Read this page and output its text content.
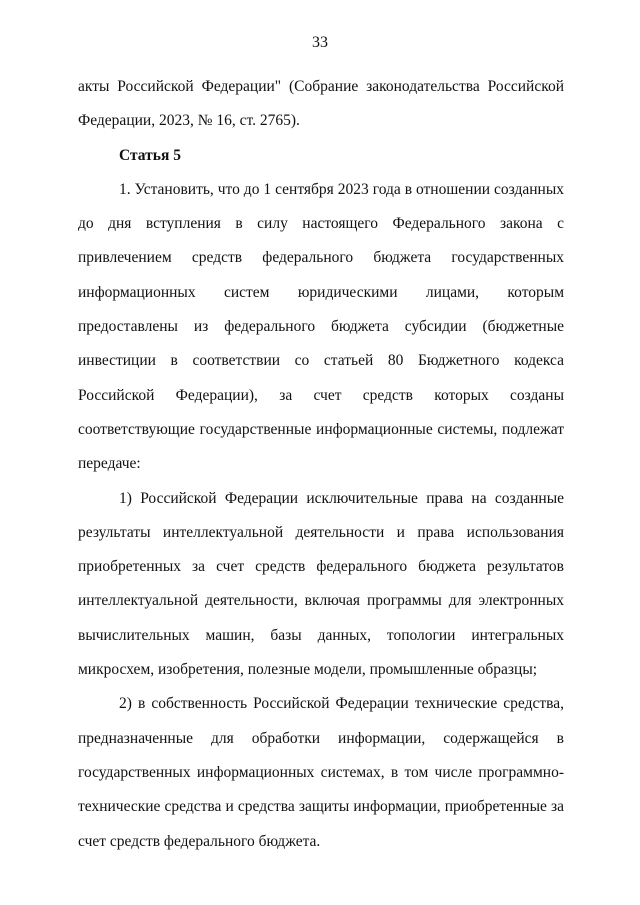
33

акты Российской Федерации" (Собрание законодательства Российской Федерации, 2023, № 16, ст. 2765).

Статья 5

1. Установить, что до 1 сентября 2023 года в отношении созданных до дня вступления в силу настоящего Федерального закона с привлечением средств федерального бюджета государственных информационных систем юридическими лицами, которым предоставлены из федерального бюджета субсидии (бюджетные инвестиции в соответствии со статьей 80 Бюджетного кодекса Российской Федерации), за счет средств которых созданы соответствующие государственные информационные системы, подлежат передаче:

1) Российской Федерации исключительные права на созданные результаты интеллектуальной деятельности и права использования приобретенных за счет средств федерального бюджета результатов интеллектуальной деятельности, включая программы для электронных вычислительных машин, базы данных, топологии интегральных микросхем, изобретения, полезные модели, промышленные образцы;

2) в собственность Российской Федерации технические средства, предназначенные для обработки информации, содержащейся в государственных информационных системах, в том числе программно-технические средства и средства защиты информации, приобретенные за счет средств федерального бюджета.
